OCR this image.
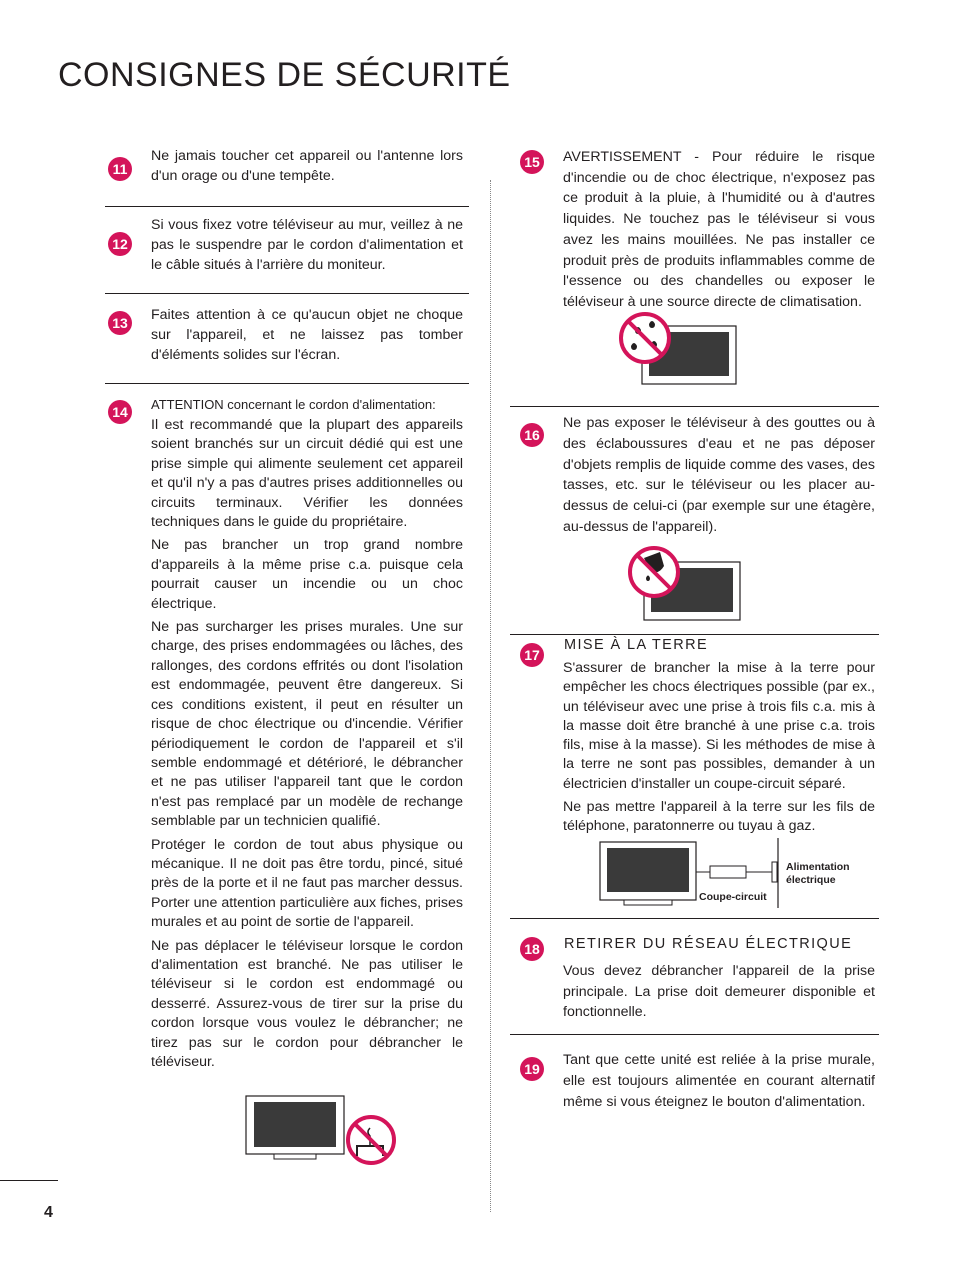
CONSIGNES DE SÉCURITÉ
11

Ne jamais toucher cet appareil ou l'antenne lors d'un orage ou d'une tempête.

12

Si vous fixez votre téléviseur au mur, veillez à ne pas le suspendre par le cordon d'alimentation et le câble situés à l'arrière du moniteur.

13 Faites attention à ce qu'aucun objet ne choque sur l'appareil, et ne laissez pas tomber d'éléments solides sur l'écran.

14	ATTENTION concernant le cordon d'alimentation:

Il est recommandé que la plupart des appareils soient branchés sur un circuit dédié qui est une prise simple qui alimente seulement cet appareil et qu'il n'y a pas d'autres prises additionnelles ou circuits terminaux. Vérifier les données techniques dans le guide du propriétaire.

Ne pas brancher un trop grand nombre d'appareils à la même prise c.a. puisque cela pourrait causer un incendie ou un choc électrique.

Ne pas surcharger les prises murales. Une sur charge, des prises endommagées ou lâches, des rallonges, des cordons effrités ou dont l'isolation est endommagée, peuvent être dangereux. Si ces conditions existent, il peut en résulter un risque de choc électrique ou d'incendie. Vérifier périodiquement le cordon de l'appareil et s'il semble endommagé et détérioré, le débrancher et ne pas utiliser l'appareil tant que le cordon n'est pas remplacé par un modèle de rechange semblable par un technicien qualifié.

Protéger le cordon de tout abus physique ou mécanique. Il ne doit pas être tordu, pincé, situé près de la porte et il ne faut pas marcher dessus. Porter une attention particulière aux fiches, prises murales et au point de sortie de l'appareil.

Ne pas déplacer le téléviseur lorsque le cordon d'alimentation est branché. Ne pas utiliser le téléviseur si le cordon est endommagé ou desserré. Assurez-vous de tirer sur la prise du cordon lorsque vous voulez le débrancher; ne tirez pas sur le cordon pour débrancher le téléviseur.

4
15 AVERTISSEMENT - Pour réduire le risque d'incendie ou de choc électrique, n'exposez pas ce produit à la pluie, à l'humidité ou à d'autres liquides. Ne touchez pas le téléviseur si vous avez les mains mouillées. Ne pas installer ce produit près de produits inflammables comme de l'essence ou des chandelles ou exposer le téléviseur à une source directe de climatisation.

16

Ne pas exposer le téléviseur à des gouttes ou à des éclaboussures d'eau et ne pas déposer d'objets remplis de liquide comme des vases, des tasses, etc. sur le téléviseur ou les placer au-dessus de celui-ci (par exemple sur une étagère, au-dessus de l'appareil).

17
MISE À LA TERRE

S'assurer de brancher la mise à la terre pour empêcher les chocs électriques possible (par ex., un téléviseur avec une prise à trois fils c.a. mis à la masse doit être branché à une prise c.a. trois fils, mise à la masse). Si les méthodes de mise à la terre ne sont pas possibles, demander à un électricien d'installer un coupe-circuit séparé.

Ne pas mettre l'appareil à la terre sur les fils de téléphone, paratonnerre ou tuyau à gaz.

Coupe-circuit
Alimentation
électrique
18 RETIRER DU RÉSEAU ÉLECTRIQUE

Vous devez débrancher l'appareil de la prise principale. La prise doit demeurer disponible et fonctionnelle.

19

Tant que cette unité est reliée à la prise murale, elle est toujours alimentée en courant alternatif même si vous éteignez le bouton d'alimentation.
